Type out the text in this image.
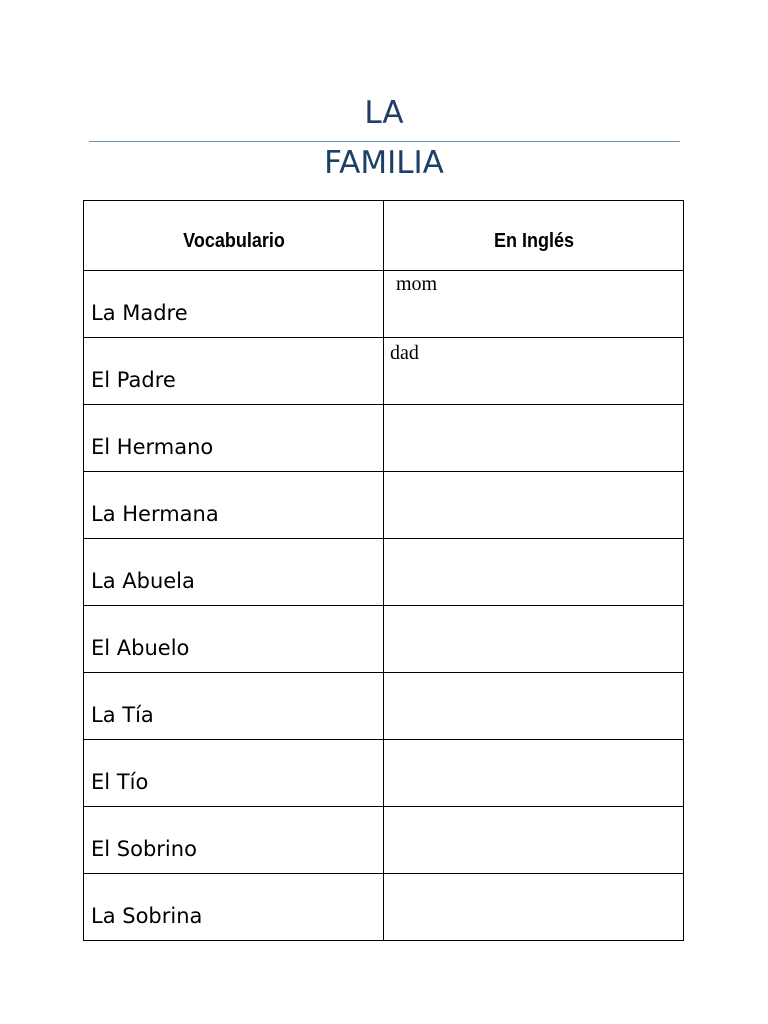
LA
FAMILIA
Vocabulario	En Inglés

La Madre	mom

El Padre	dad

El Hermano	

La Hermana	

La Abuela	

El Abuelo	

La Tía	

El Tío	

El Sobrino	

La Sobrina	
